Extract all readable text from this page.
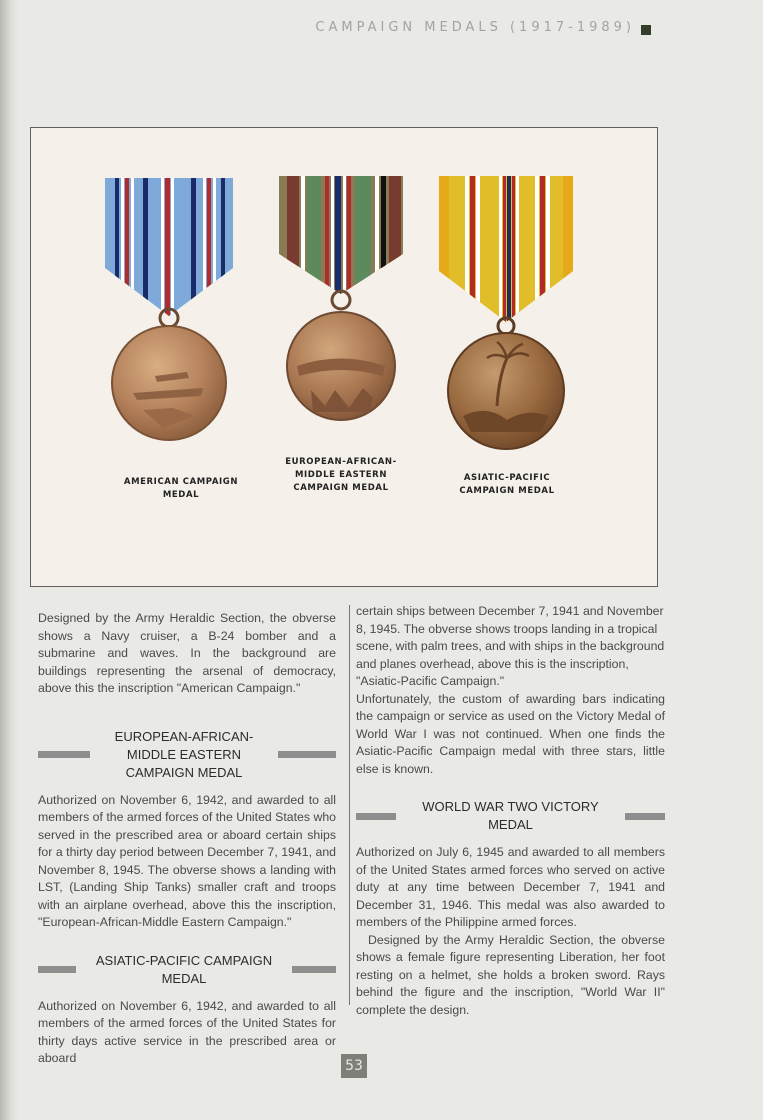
CAMPAIGN MEDALS (1917-1989)
AMERICAN CAMPAIGN
MEDAL
EUROPEAN-AFRICAN-
MIDDLE EASTERN
CAMPAIGN MEDAL
ASIATIC-PACIFIC
CAMPAIGN MEDAL

Designed by the Army Heraldic Section, the obverse shows a Navy cruiser, a B-24 bomber and a submarine and waves. In the background are buildings representing the arsenal of democracy, above this the inscription "American Campaign."

EUROPEAN-AFRICAN-MIDDLE EASTERN CAMPAIGN MEDAL

Authorized on November 6, 1942, and awarded to all members of the armed forces of the United States who served in the prescribed area or aboard certain ships for a thirty day period between December 7, 1941, and November 8, 1945. The obverse shows a landing with LST, (Landing Ship Tanks) smaller craft and troops with an airplane overhead, above this the inscription, "European-African-Middle Eastern Campaign."

ASIATIC-PACIFIC CAMPAIGN MEDAL

Authorized on November 6, 1942, and awarded to all members of the armed forces of the United States for thirty days active service in the prescribed area or aboard

certain ships between December 7, 1941 and November 8, 1945. The obverse shows troops landing in a tropical scene, with palm trees, and with ships in the background and planes overhead, above this is the inscription, "Asiatic-Pacific Campaign."

Unfortunately, the custom of awarding bars indicating the campaign or service as used on the Victory Medal of World War I was not continued. When one finds the Asiatic-Pacific Campaign medal with three stars, little else is known.

WORLD WAR TWO VICTORY MEDAL

Authorized on July 6, 1945 and awarded to all members of the United States armed forces who served on active duty at any time between December 7, 1941 and December 31, 1946. This medal was also awarded to members of the Philippine armed forces.

Designed by the Army Heraldic Section, the obverse shows a female figure representing Liberation, her foot resting on a helmet, she holds a broken sword. Rays behind the figure and the inscription, "World War II" complete the design.

53
